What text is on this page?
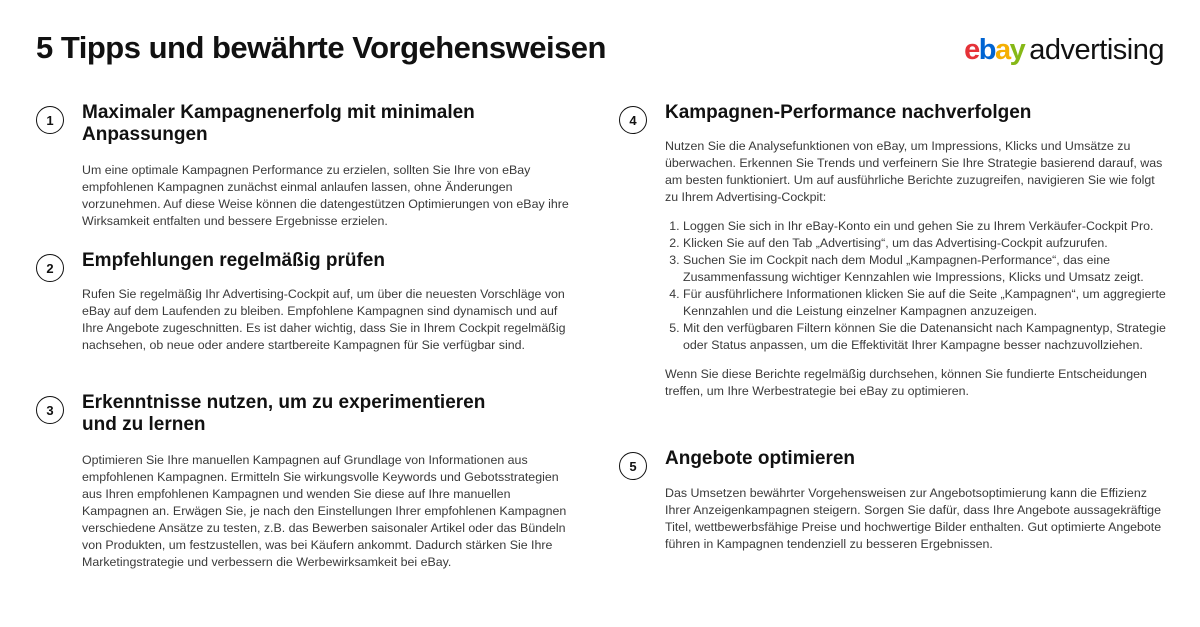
5 Tipps und bewährte Vorgehensweisen	ebay advertising
1	Maximaler Kampagnenerfolg mit minimalen Anpassungen

Um eine optimale Kampagnen Performance zu erzielen, sollten Sie Ihre von eBay empfohlenen Kampagnen zunächst einmal anlaufen lassen, ohne Änderungen vorzunehmen. Auf diese Weise können die datengestützen Optimierungen von eBay ihre Wirksamkeit entfalten und bessere Ergebnisse erzielen.

2	Empfehlungen regelmäßig prüfen

Rufen Sie regelmäßig Ihr Advertising-Cockpit auf, um über die neuesten Vorschläge von eBay auf dem Laufenden zu bleiben. Empfohlene Kampagnen sind dynamisch und auf Ihre Angebote zugeschnitten. Es ist daher wichtig, dass Sie in Ihrem Cockpit regelmäßig nachsehen, ob neue oder andere startbereite Kampagnen für Sie verfügbar sind.

3	Erkenntnisse nutzen, um zu experimentieren und zu lernen

Optimieren Sie Ihre manuellen Kampagnen auf Grundlage von Informationen aus empfohlenen Kampagnen. Ermitteln Sie wirkungsvolle Keywords und Gebotsstrategien aus Ihren empfohlenen Kampagnen und wenden Sie diese auf Ihre manuellen Kampagnen an. Erwägen Sie, je nach den Einstellungen Ihrer empfohlenen Kampagnen verschiedene Ansätze zu testen, z.B. das Bewerben saisonaler Artikel oder das Bündeln von Produkten, um festzustellen, was bei Käufern ankommt. Dadurch stärken Sie Ihre Marketingstrategie und verbessern die Werbewirksamkeit bei eBay.

4	Kampagnen-Performance nachverfolgen

Nutzen Sie die Analysefunktionen von eBay, um Impressions, Klicks und Umsätze zu überwachen. Erkennen Sie Trends und verfeinern Sie Ihre Strategie basierend darauf, was am besten funktioniert. Um auf ausführliche Berichte zuzugreifen, navigieren Sie wie folgt zu Ihrem Advertising-Cockpit:

1. Loggen Sie sich in Ihr eBay-Konto ein und gehen Sie zu Ihrem Verkäufer-Cockpit Pro.
2. Klicken Sie auf den Tab „Advertising“, um das Advertising-Cockpit aufzurufen.
3. Suchen Sie im Cockpit nach dem Modul „Kampagnen-Performance“, das eine Zusammenfassung wichtiger Kennzahlen wie Impressions, Klicks und Umsatz zeigt.
4. Für ausführlichere Informationen klicken Sie auf die Seite „Kampagnen“, um aggregierte Kennzahlen und die Leistung einzelner Kampagnen anzuzeigen.
5. Mit den verfügbaren Filtern können Sie die Datenansicht nach Kampagnentyp, Strategie oder Status anpassen, um die Effektivität Ihrer Kampagne besser nachzuvollziehen.

Wenn Sie diese Berichte regelmäßig durchsehen, können Sie fundierte Entscheidungen treffen, um Ihre Werbestrategie bei eBay zu optimieren.

5	Angebote optimieren

Das Umsetzen bewährter Vorgehensweisen zur Angebotsoptimierung kann die Effizienz Ihrer Anzeigenkampagnen steigern. Sorgen Sie dafür, dass Ihre Angebote aussagekräftige Titel, wettbewerbsfähige Preise und hochwertige Bilder enthalten. Gut optimierte Angebote führen in Kampagnen tendenziell zu besseren Ergebnissen.
